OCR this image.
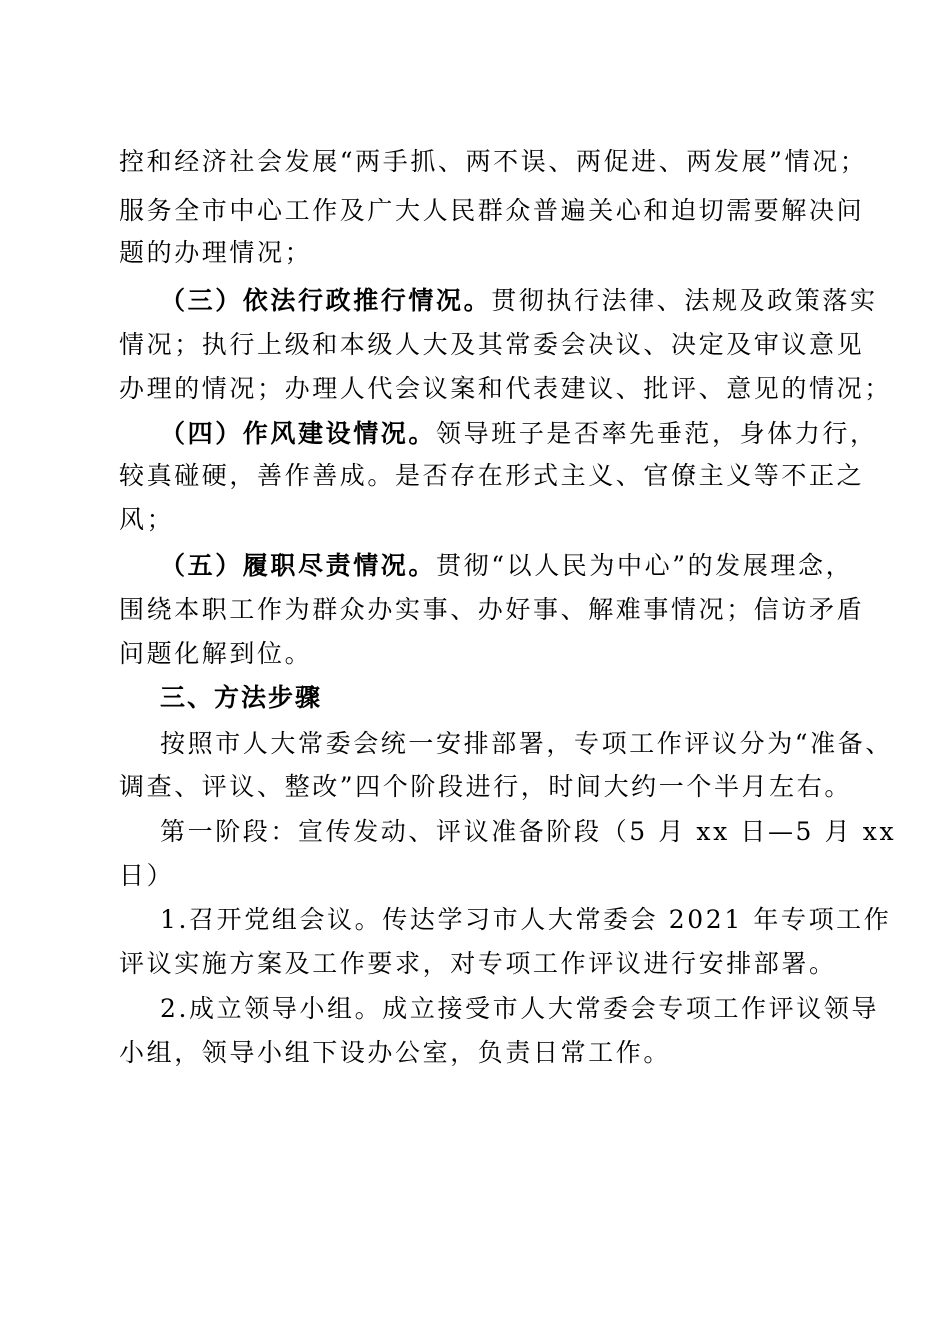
控和经济社会发展“两手抓、两不误、两促进、两发展”情况；
服务全市中心工作及广大人民群众普遍关心和迫切需要解决问
题的办理情况；
（三）依法行政推行情况。贯彻执行法律、法规及政策落实
情况；执行上级和本级人大及其常委会决议、决定及审议意见
办理的情况；办理人代会议案和代表建议、批评、意见的情况；
（四）作风建设情况。领导班子是否率先垂范，身体力行，
较真碰硬，善作善成。是否存在形式主义、官僚主义等不正之
风；
（五）履职尽责情况。贯彻“以人民为中心”的发展理念，
围绕本职工作为群众办实事、办好事、解难事情况；信访矛盾
问题化解到位。
三、方法步骤
按照市人大常委会统一安排部署，专项工作评议分为“准备、
调查、评议、整改”四个阶段进行，时间大约一个半月左右。
第一阶段：宣传发动、评议准备阶段（5 月 xx 日—5 月 xx
日）
1.召开党组会议。传达学习市人大常委会 2021 年专项工作
评议实施方案及工作要求，对专项工作评议进行安排部署。
2.成立领导小组。成立接受市人大常委会专项工作评议领导
小组，领导小组下设办公室，负责日常工作。
